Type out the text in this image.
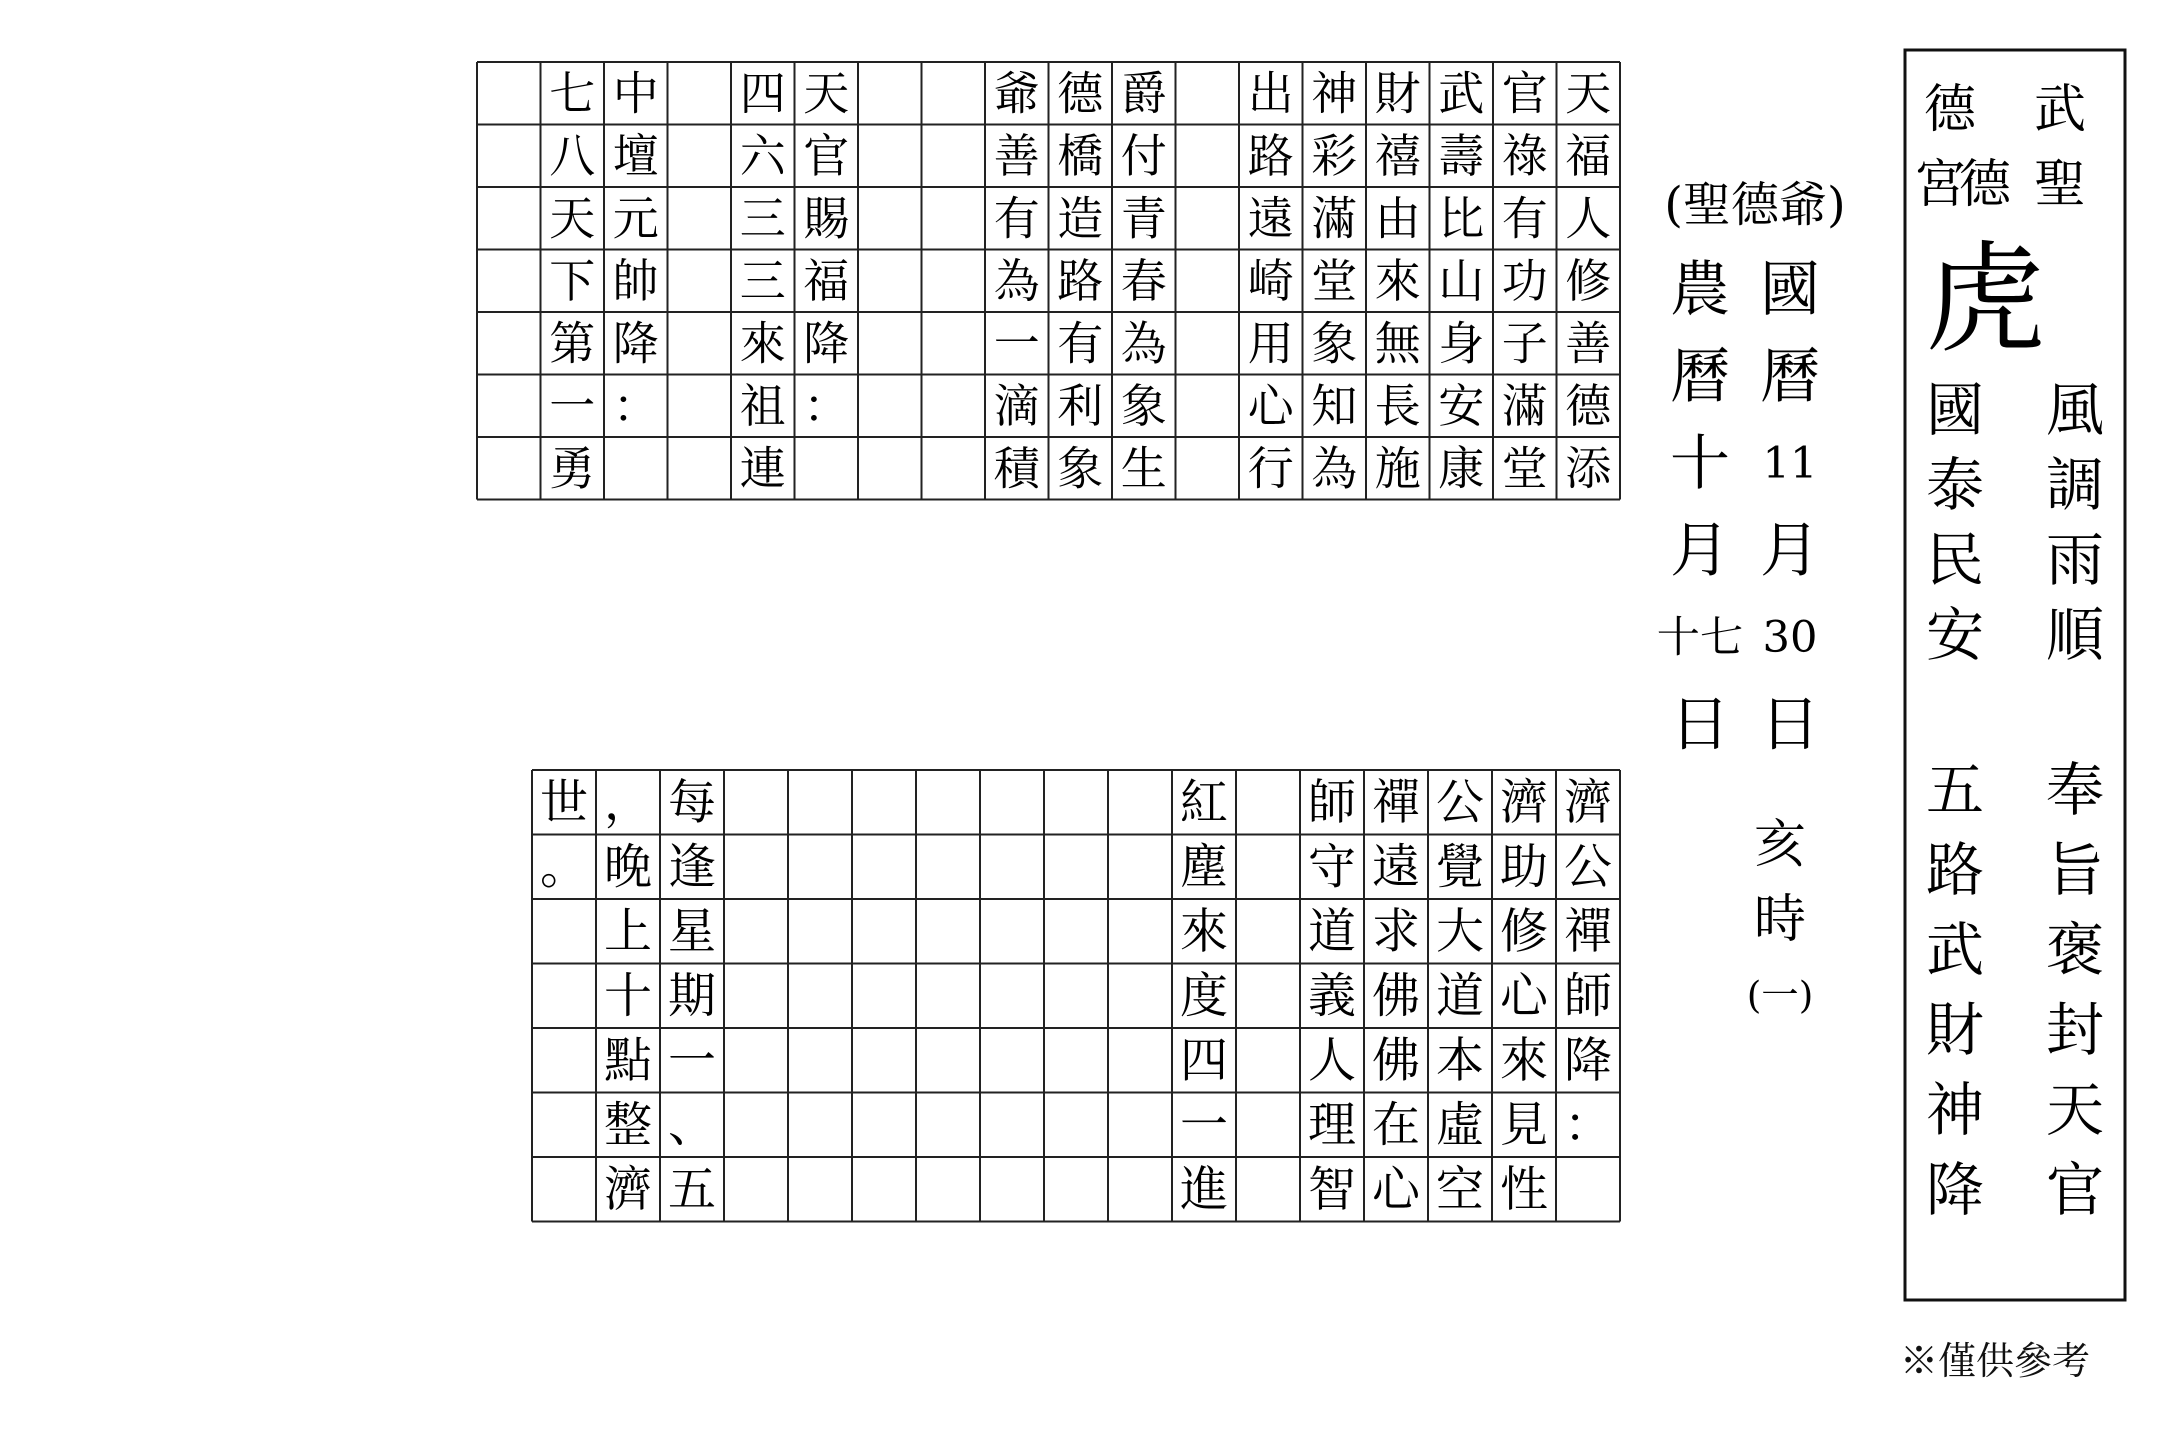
天
福
人
修
善
德
添
官
祿
有
功
子
滿
堂
武
壽
比
山
身
安
康
財
禧
由
來
無
長
施
神
彩
滿
堂
象
知
為
出
路
遠
崎
用
心
行
爵
付
青
春
為
象
生
德
橋
造
路
有
利
象
爺
善
有
為
一
滴
積
天
官
賜
福
降
：
四
六
三
三
來
祖
連
中
壇
元
帥
降
：
七
八
天
下
第
一
勇
濟
公
禪
師
降
：
濟
助
修
心
來
見
性
公
覺
大
道
本
虛
空
禪
遠
求
佛
佛
在
心
師
守
道
義
人
理
智
紅
塵
來
度
四
一
進
每
逢
星
期
一
、
五
，
晚
上
十
點
整
濟
世
。
(聖德爺)
國
曆
11
月
30
日
農
曆
十
月
十七
日
亥
時
(一)
武
聖
德
德
宮
虎
風
調
雨
順
國
泰
民
安
奉
旨
褒
封
天
官
五
路
武
財
神
降
※僅供參考
